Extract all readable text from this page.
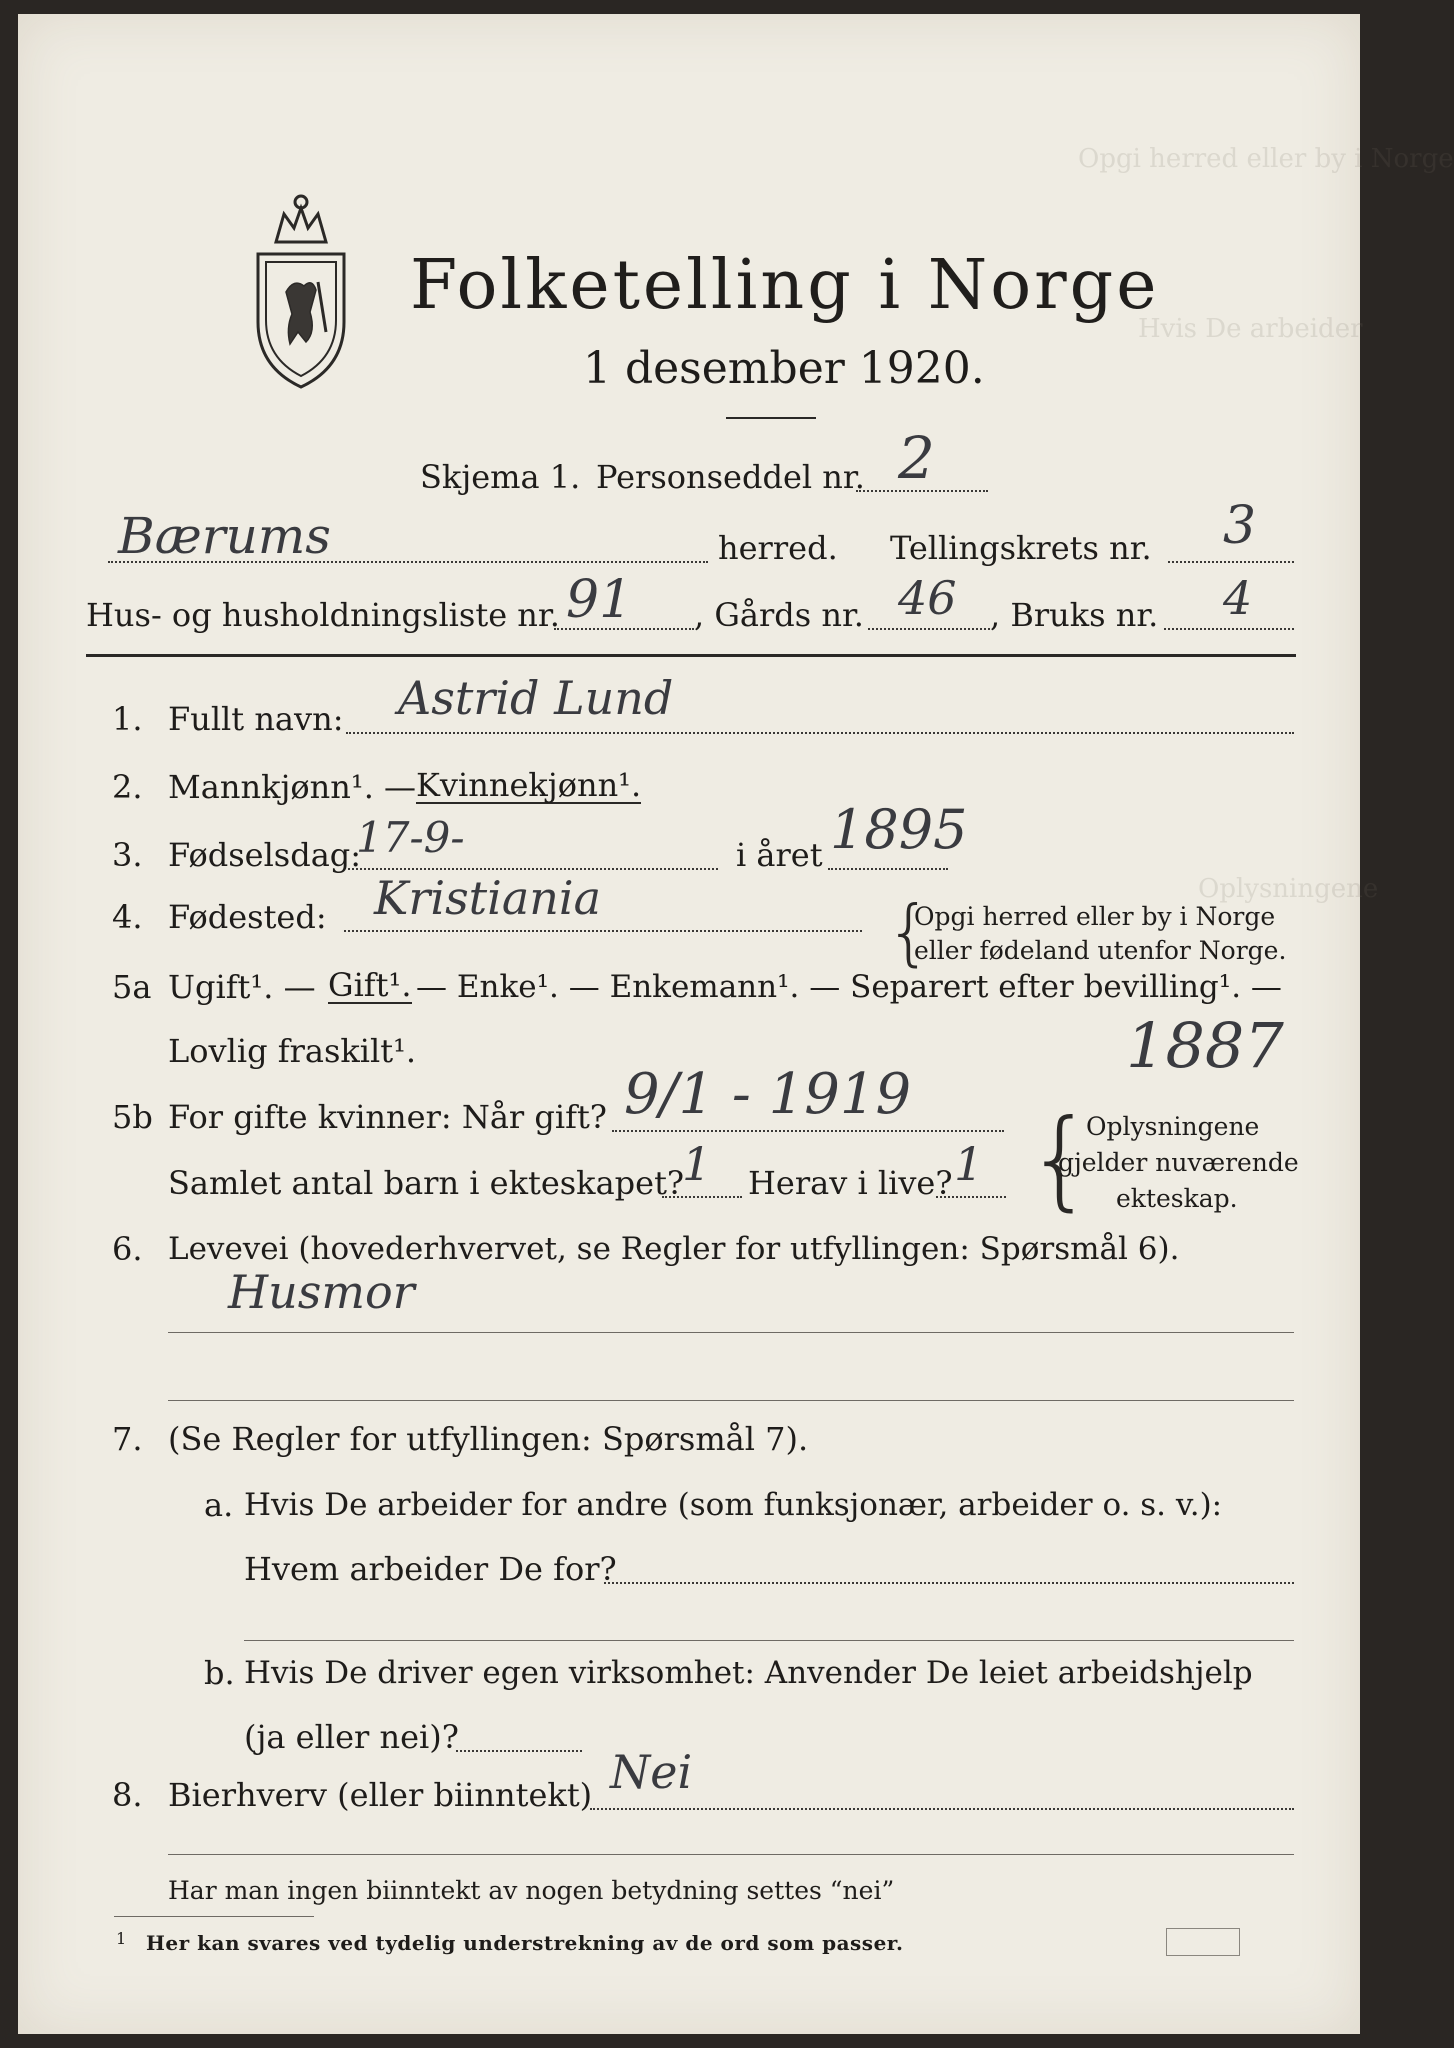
Opgi herred eller by i Norge
Hvis De arbeider
Oplysningene
Folketelling i Norge
1 desember 1920.
Skjema 1. Personseddel nr. 2
Bærums	herred. Tellingskrets nr. 3
Hus- og husholdningsliste nr. 91 , Gårds nr. 46 , Bruks nr. 4
1. Fullt navn: Astrid Lund
2. Mannkjønn¹. — Kvinnekjønn¹.
3. Fødselsdag:
17-9-	i året 1895
4. Fødested: Kristiania	{
Opgi herred eller by i Norge
eller fødeland utenfor Norge.
5a Ugift¹. — Gift¹. — Enke¹. — Enkemann¹. — Separert efter bevilling¹. —
Lovlig fraskilt¹.	1887
5b For gifte kvinner: Når gift? 9/1 - 1919
Samlet antal barn i ekteskapet?
1 Herav i live? 1 {
Oplysningene
gjelder nuværende
ekteskap.
6. Levevei (hovederhvervet, se Regler for utfyllingen: Spørsmål 6).
Husmor
7. (Se Regler for utfyllingen: Spørsmål 7).
a. Hvis De arbeider for andre (som funksjonær, arbeider o. s. v.):
Hvem arbeider De for?
b. Hvis De driver egen virksomhet: Anvender De leiet arbeidshjelp
(ja eller nei)?
8. Bierhverv (eller biinntekt) Nei
Har man ingen biinntekt av nogen betydning settes “nei”
1 Her kan svares ved tydelig understrekning av de ord som passer.
